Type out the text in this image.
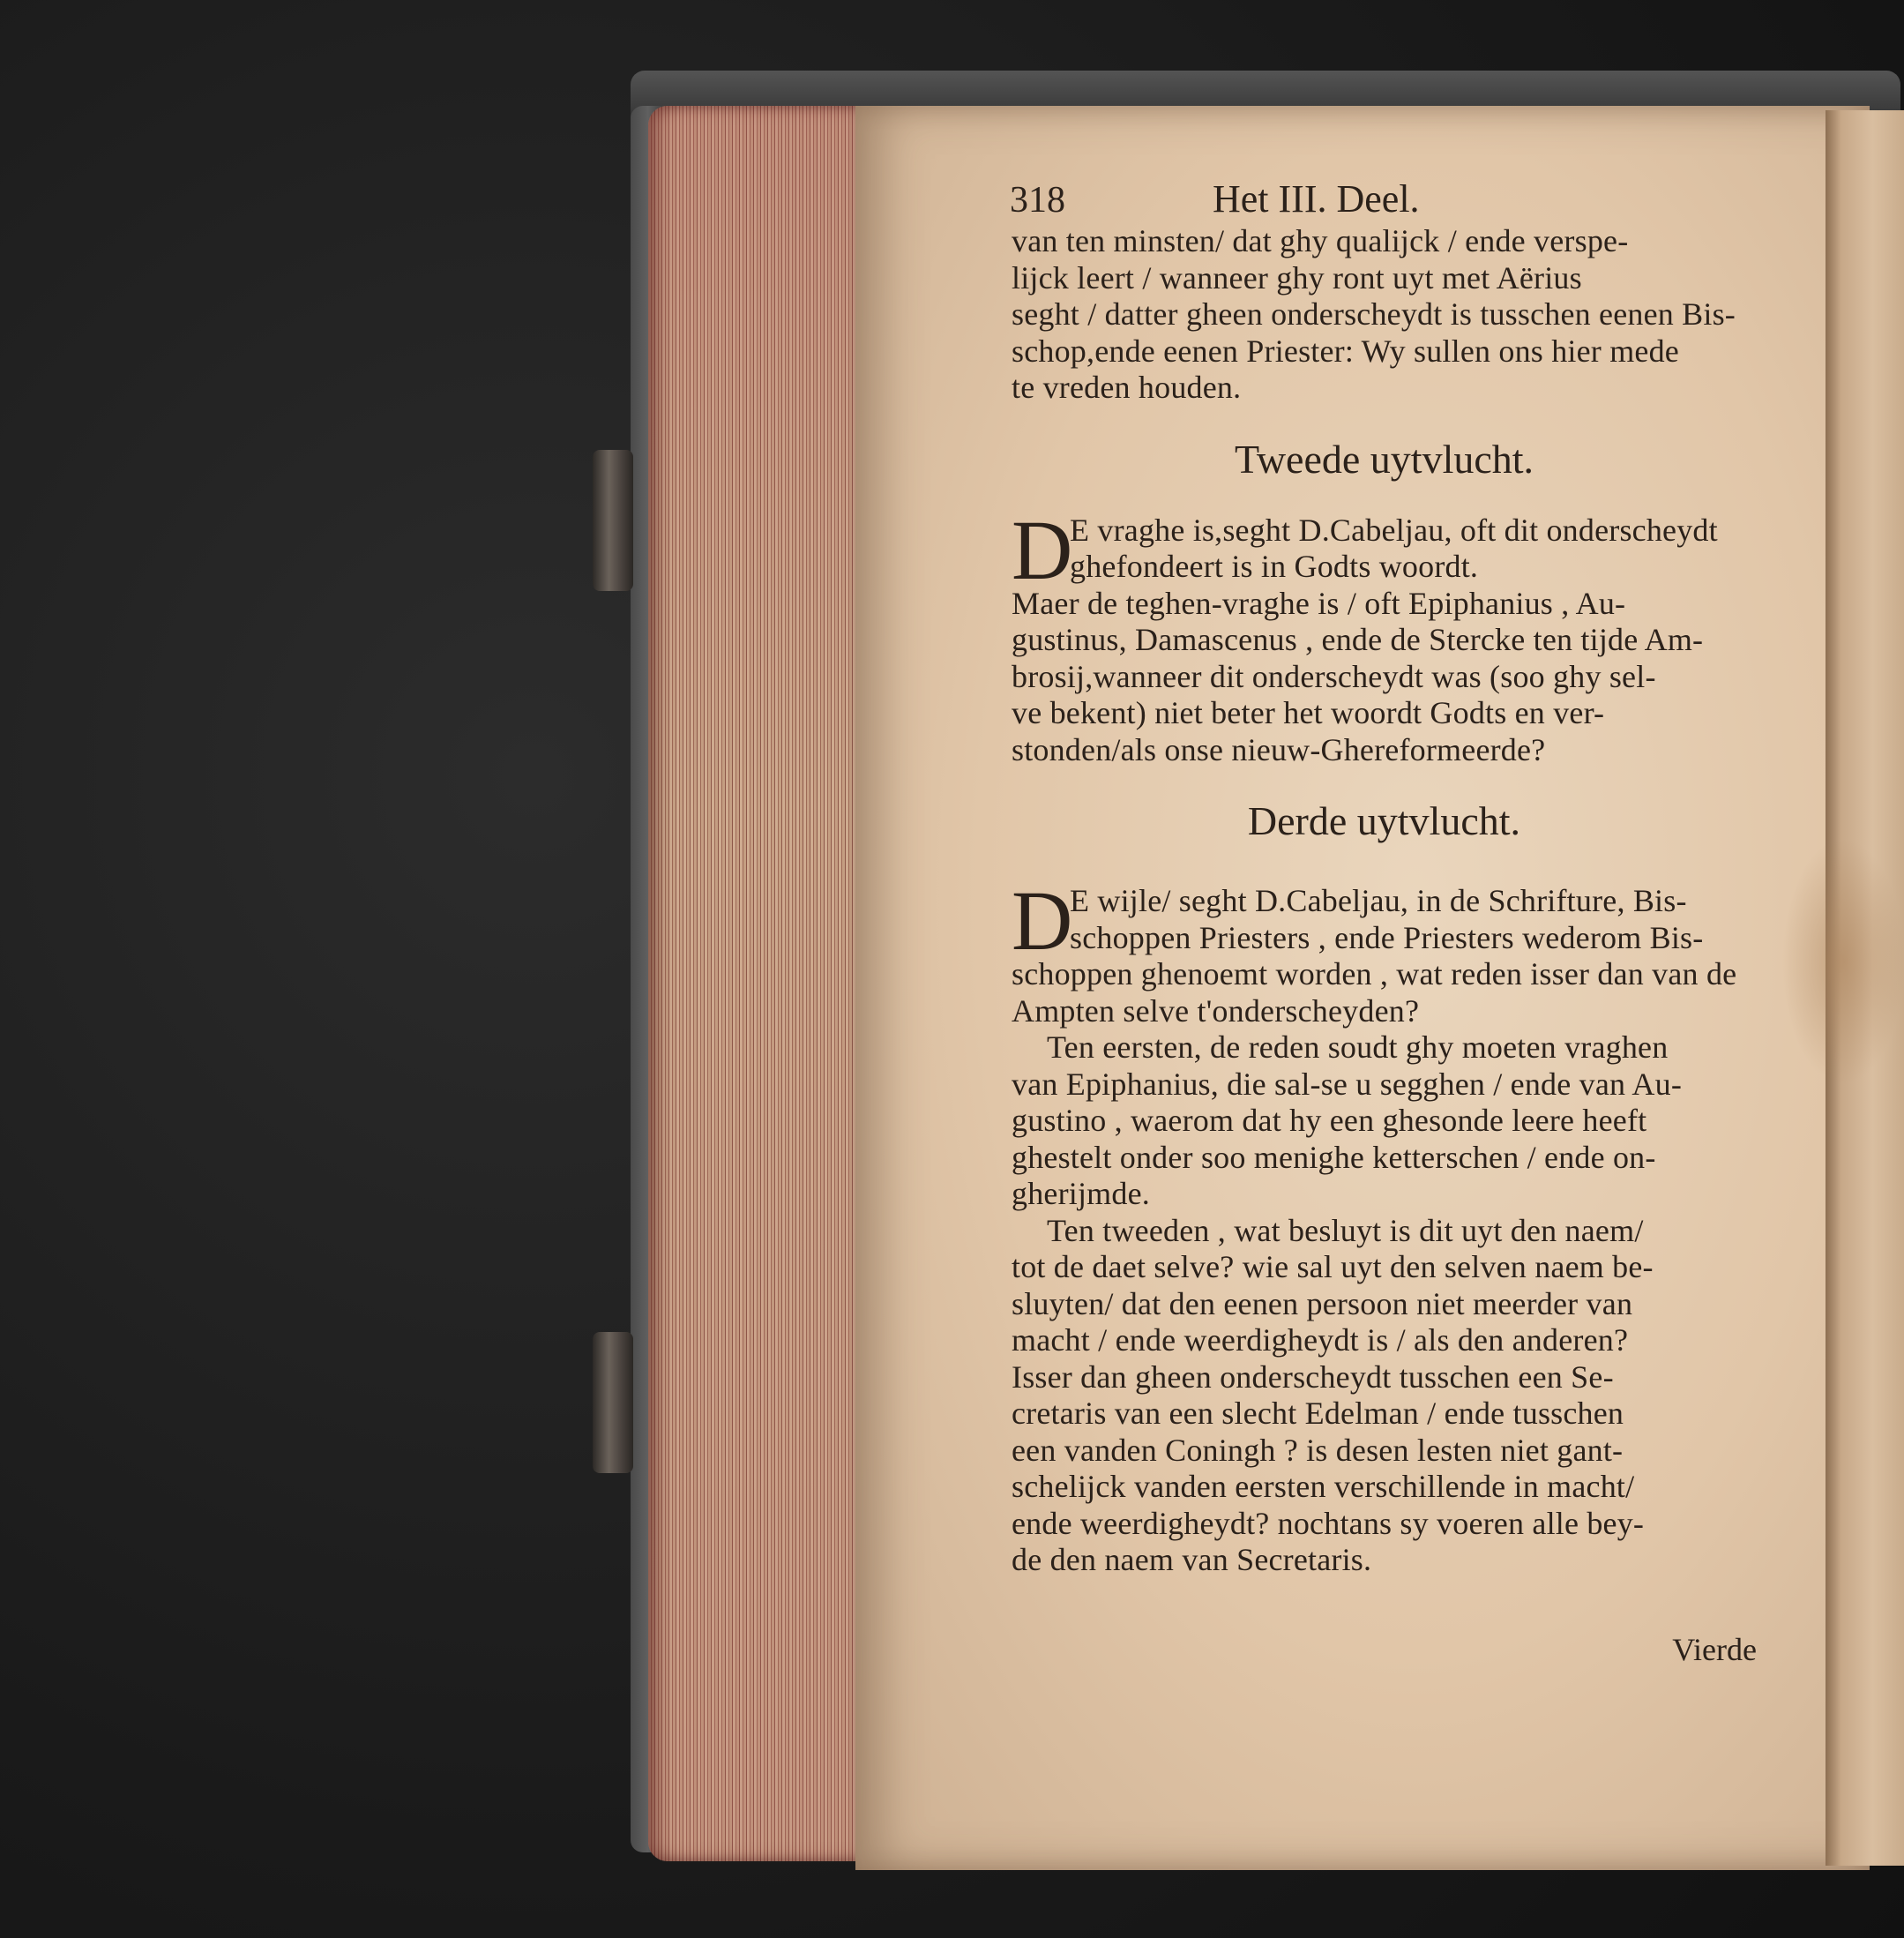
318	Het III. Deel.

van ten minsten/ dat ghy qualijck / ende verspe-

lijck leert / wanneer ghy ront uyt met Aërius

seght / datter gheen onderscheydt is tusschen eenen Bis-

schop,ende eenen Priester: Wy sullen ons hier mede

te vreden houden.

Tweede uytvlucht.
D

E vraghe is,seght D.Cabeljau, oft dit onderscheydt

ghefondeert is in Godts woordt.

Maer de teghen-vraghe is / oft Epiphanius , Au-

gustinus, Damascenus , ende de Stercke ten tijde Am-

brosij,wanneer dit onderscheydt was (soo ghy sel-

ve bekent) niet beter het woordt Godts en ver-

stonden/als onse nieuw-Ghereformeerde?

Derde uytvlucht.
D

E wijle/ seght D.Cabeljau, in de Schrifture, Bis-

schoppen Priesters , ende Priesters wederom Bis-

schoppen ghenoemt worden , wat reden isser dan van de

Ampten selve t'onderscheyden?

Ten eersten, de reden soudt ghy moeten vraghen

van Epiphanius, die sal-se u segghen / ende van Au-

gustino , waerom dat hy een ghesonde leere heeft

ghestelt onder soo menighe ketterschen / ende on-

gherijmde.

Ten tweeden , wat besluyt is dit uyt den naem/

tot de daet selve? wie sal uyt den selven naem be-

sluyten/ dat den eenen persoon niet meerder van

macht / ende weerdigheydt is / als den anderen?

Isser dan gheen onderscheydt tusschen een Se-

cretaris van een slecht Edelman / ende tusschen

een vanden Coningh ? is desen lesten niet gant-

schelijck vanden eersten verschillende in macht/

ende weerdigheydt? nochtans sy voeren alle bey-

de den naem van Secretaris.

Vierde
